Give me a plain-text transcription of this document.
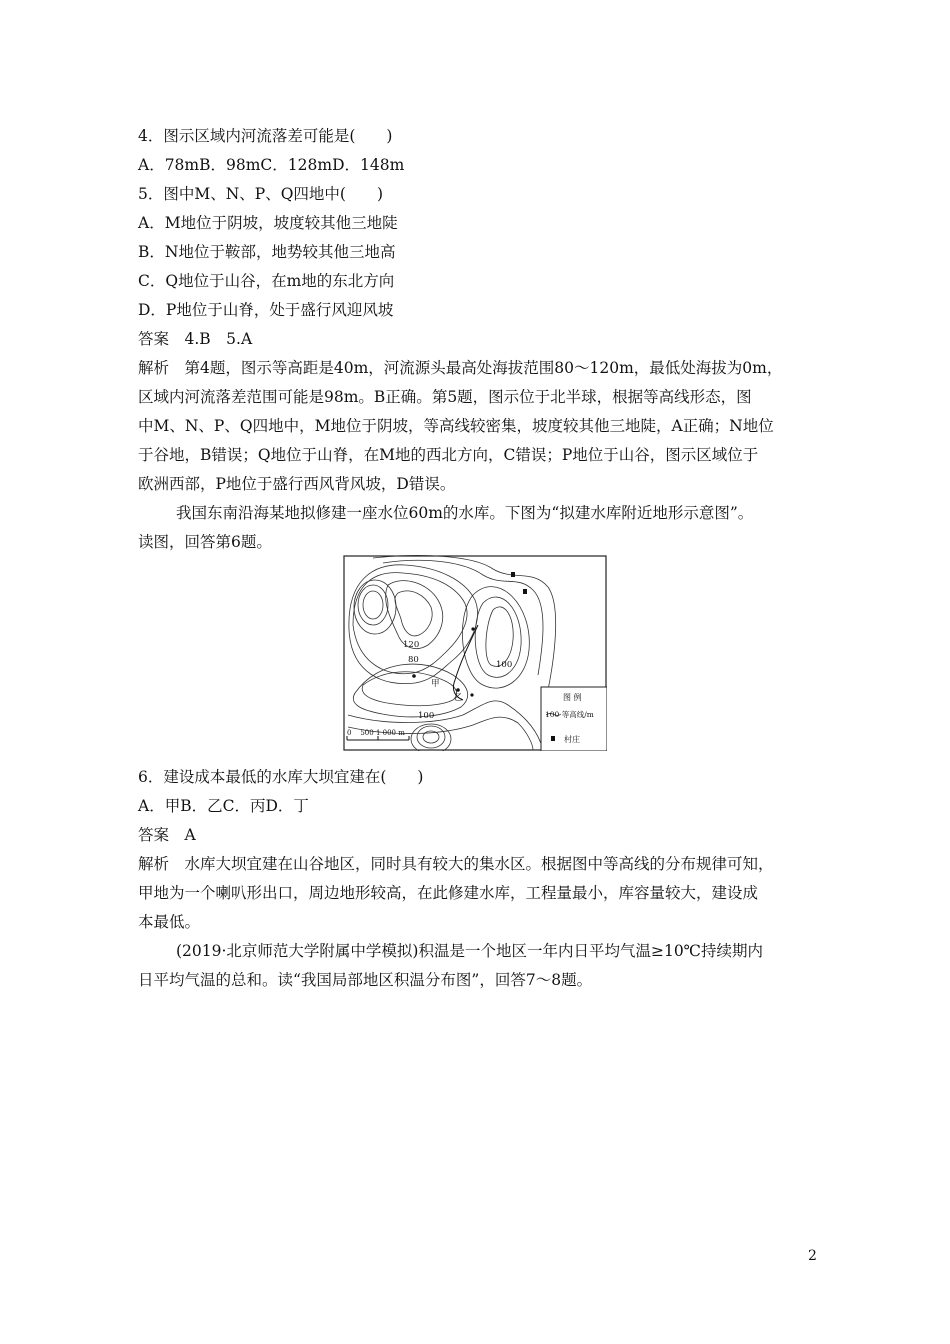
4．图示区域内河流落差可能是(　　)
A．78mB．98mC．128mD．148m
5．图中M、N、P、Q四地中(　　)
A．M地位于阴坡，坡度较其他三地陡
B．N地位于鞍部，地势较其他三地高
C．Q地位于山谷，在m地的东北方向
D．P地位于山脊，处于盛行风迎风坡
答案　4.B　5.A
解析　第4题，图示等高距是40m，河流源头最高处海拔范围80～120m，最低处海拔为0m，
区域内河流落差范围可能是98m。B正确。第5题，图示位于北半球，根据等高线形态，图
中M、N、P、Q四地中，M地位于阴坡，等高线较密集，坡度较其他三地陡，A正确；N地位
于谷地，B错误；Q地位于山脊，在M地的西北方向，C错误；P地位于山谷，图示区域位于
欧洲西部，P地位于盛行西风背风坡，D错误。
我国东南沿海某地拟修建一座水位60m的水库。下图为“拟建水库附近地形示意图”。
读图，回答第6题。
120
80	100
甲
乙
100
图 例
100 等高线/m
村庄
0    500 1 000 m
6．建设成本最低的水库大坝宜建在(　　)
A．甲B．乙C．丙D．丁
答案　A
解析　水库大坝宜建在山谷地区，同时具有较大的集水区。根据图中等高线的分布规律可知，
甲地为一个喇叭形出口，周边地形较高，在此修建水库，工程量最小，库容量较大，建设成
本最低。
(2019·北京师范大学附属中学模拟)积温是一个地区一年内日平均气温≥10℃持续期内
日平均气温的总和。读“我国局部地区积温分布图”，回答7～8题。
2
